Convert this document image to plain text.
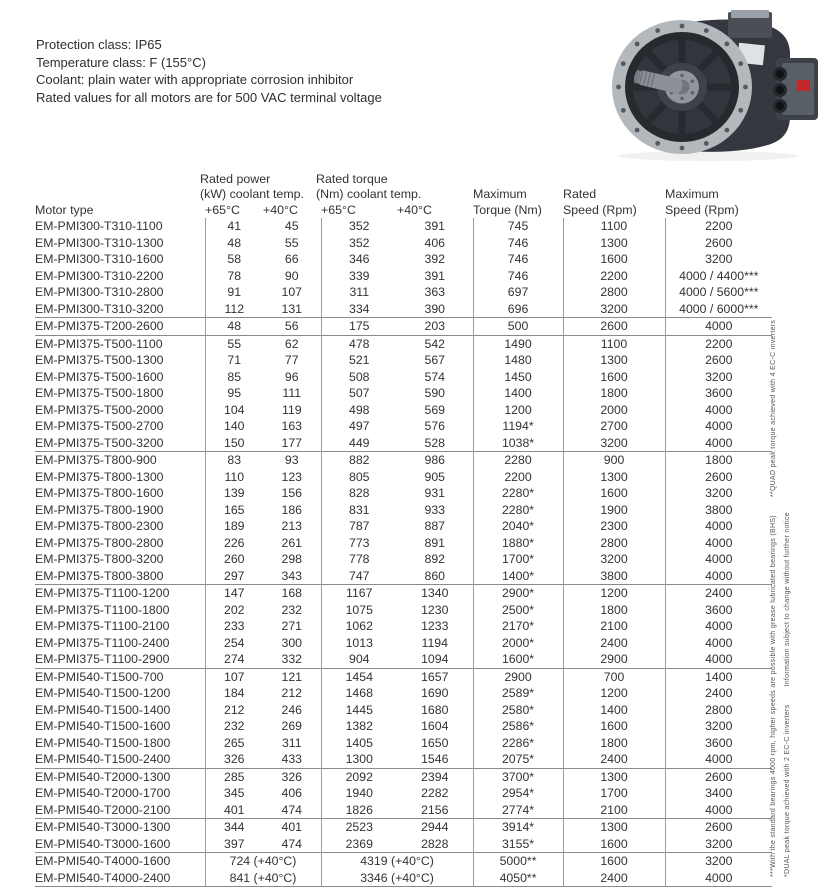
Protection class: IP65
Temperature class: F (155°C)
Coolant: plain water with appropriate corrosion inhibitor
Rated values for all motors are for 500 VAC terminal voltage
Motor type	Rated power		Rated torque				
	(kW) coolant temp.		(Nm) coolant temp.		Maximum	Rated	Maximum
	+65°C	+40°C	+65°C	+40°C	Torque (Nm)	Speed (Rpm)	Speed (Rpm)
EM-PMI300-T310-1100	41	45	352	391	745	1100	2200
EM-PMI300-T310-1300	48	55	352	406	746	1300	2600
EM-PMI300-T310-1600	58	66	346	392	746	1600	3200
EM-PMI300-T310-2200	78	90	339	391	746	2200	4000 / 4400***
EM-PMI300-T310-2800	91	107	311	363	697	2800	4000 / 5600***
EM-PMI300-T310-3200	112	131	334	390	696	3200	4000 / 6000***
EM-PMI375-T200-2600	48	56	175	203	500	2600	4000
EM-PMI375-T500-1100	55	62	478	542	1490	1100	2200
EM-PMI375-T500-1300	71	77	521	567	1480	1300	2600
EM-PMI375-T500-1600	85	96	508	574	1450	1600	3200
EM-PMI375-T500-1800	95	111	507	590	1400	1800	3600
EM-PMI375-T500-2000	104	119	498	569	1200	2000	4000
EM-PMI375-T500-2700	140	163	497	576	1194*	2700	4000
EM-PMI375-T500-3200	150	177	449	528	1038*	3200	4000
EM-PMI375-T800-900	83	93	882	986	2280	900	1800
EM-PMI375-T800-1300	110	123	805	905	2200	1300	2600
EM-PMI375-T800-1600	139	156	828	931	2280*	1600	3200
EM-PMI375-T800-1900	165	186	831	933	2280*	1900	3800
EM-PMI375-T800-2300	189	213	787	887	2040*	2300	4000
EM-PMI375-T800-2800	226	261	773	891	1880*	2800	4000
EM-PMI375-T800-3200	260	298	778	892	1700*	3200	4000
EM-PMI375-T800-3800	297	343	747	860	1400*	3800	4000
EM-PMI375-T1100-1200	147	168	1167	1340	2900*	1200	2400
EM-PMI375-T1100-1800	202	232	1075	1230	2500*	1800	3600
EM-PMI375-T1100-2100	233	271	1062	1233	2170*	2100	4000
EM-PMI375-T1100-2400	254	300	1013	1194	2000*	2400	4000
EM-PMI375-T1100-2900	274	332	904	1094	1600*	2900	4000
EM-PMI540-T1500-700	107	121	1454	1657	2900	700	1400
EM-PMI540-T1500-1200	184	212	1468	1690	2589*	1200	2400
EM-PMI540-T1500-1400	212	246	1445	1680	2580*	1400	2800
EM-PMI540-T1500-1600	232	269	1382	1604	2586*	1600	3200
EM-PMI540-T1500-1800	265	311	1405	1650	2286*	1800	3600
EM-PMI540-T1500-2400	326	433	1300	1546	2075*	2400	4000
EM-PMI540-T2000-1300	285	326	2092	2394	3700*	1300	2600
EM-PMI540-T2000-1700	345	406	1940	2282	2954*	1700	3400
EM-PMI540-T2000-2100	401	474	1826	2156	2774*	2100	4000
EM-PMI540-T3000-1300	344	401	2523	2944	3914*	1300	2600
EM-PMI540-T3000-1600	397	474	2369	2828	3155*	1600	3200
EM-PMI540-T4000-1600	724 (+40°C)		4319 (+40°C)		5000**	1600	3200
EM-PMI540-T4000-2400	841 (+40°C)		3346 (+40°C)		4050**	2400	4000
***With the standard bearings 4000 rpm, higher speeds are possible with grease lubricated bearings (BHS)        **QUAD peak torque achieved with 4 EC-C inverters *DUAL peak torque achieved with 2 EC-C inverters        Information subject to change without further notice
